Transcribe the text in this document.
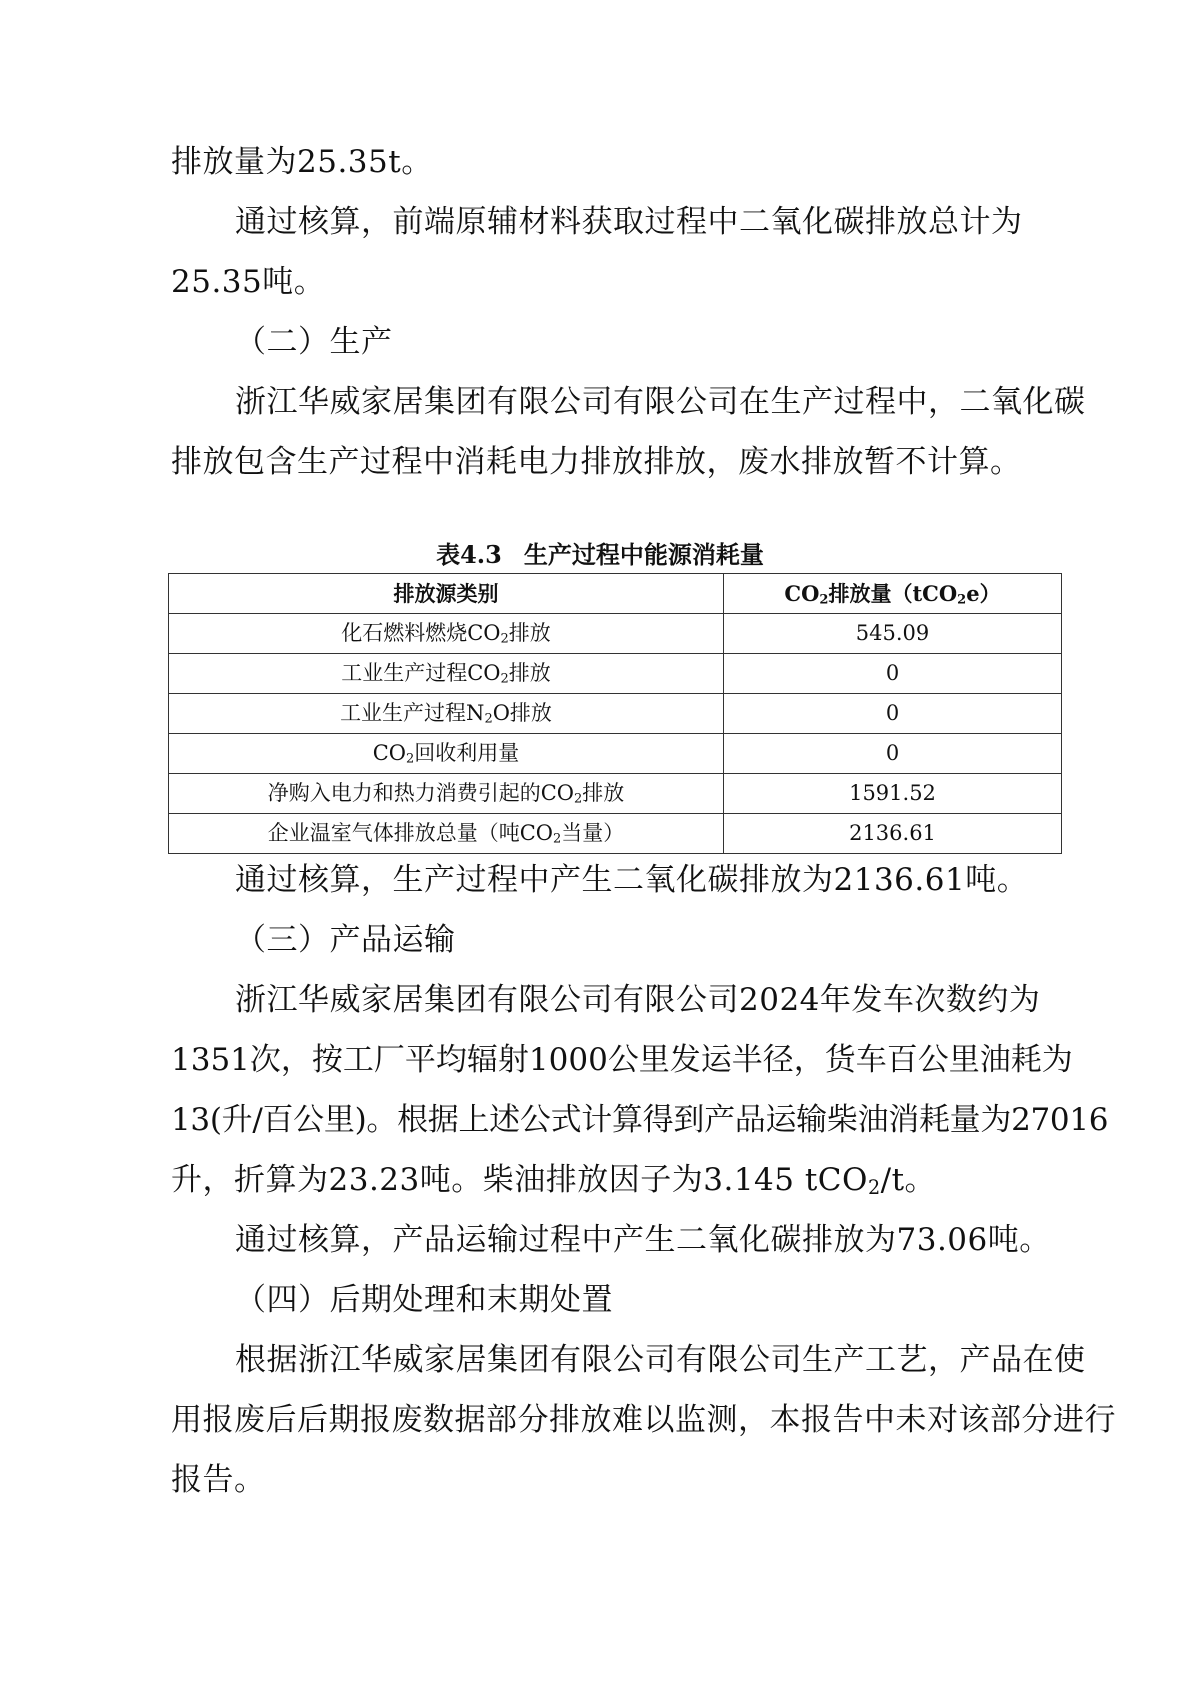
排放量为25.35t。
通过核算，前端原辅材料获取过程中二氧化碳排放总计为
25.35吨。
（二）生产
浙江华威家居集团有限公司有限公司在生产过程中，二氧化碳
排放包含生产过程中消耗电力排放排放，废水排放暂不计算。
表4.3 生产过程中能源消耗量
排放源类别	$CO_2$排放量（tCO$_2$e）
化石燃料燃烧$CO_2$排放	545.09
工业生产过程$CO_2$排放	0
工业生产过程$N_2O$排放	0
$CO_2$回收利用量	0
净购入电力和热力消费引起的$CO_2$排放	1591.52
企业温室气体排放总量（吨$CO_2$当量）	2136.61
通过核算，生产过程中产生二氧化碳排放为2136.61吨。
（三）产品运输
浙江华威家居集团有限公司有限公司2024年发车次数约为
1351次，按工厂平均辐射 1000 公里发运半径，货车百公里油耗为
13(升/百公里)。根据上述公式计算得到产品运输柴油消耗量为27016
升，折算为23.23吨。柴油排放因子为3.145 tCO$_2$/t。
通过核算，产品运输过程中产生二氧化碳排放为73.06吨。
（四）后期处理和末期处置
根据浙江华威家居集团有限公司有限公司生产工艺，产品在使
用报废后后期报废数据部分排放难以监测，本报告中未对该部分进行
报告。
